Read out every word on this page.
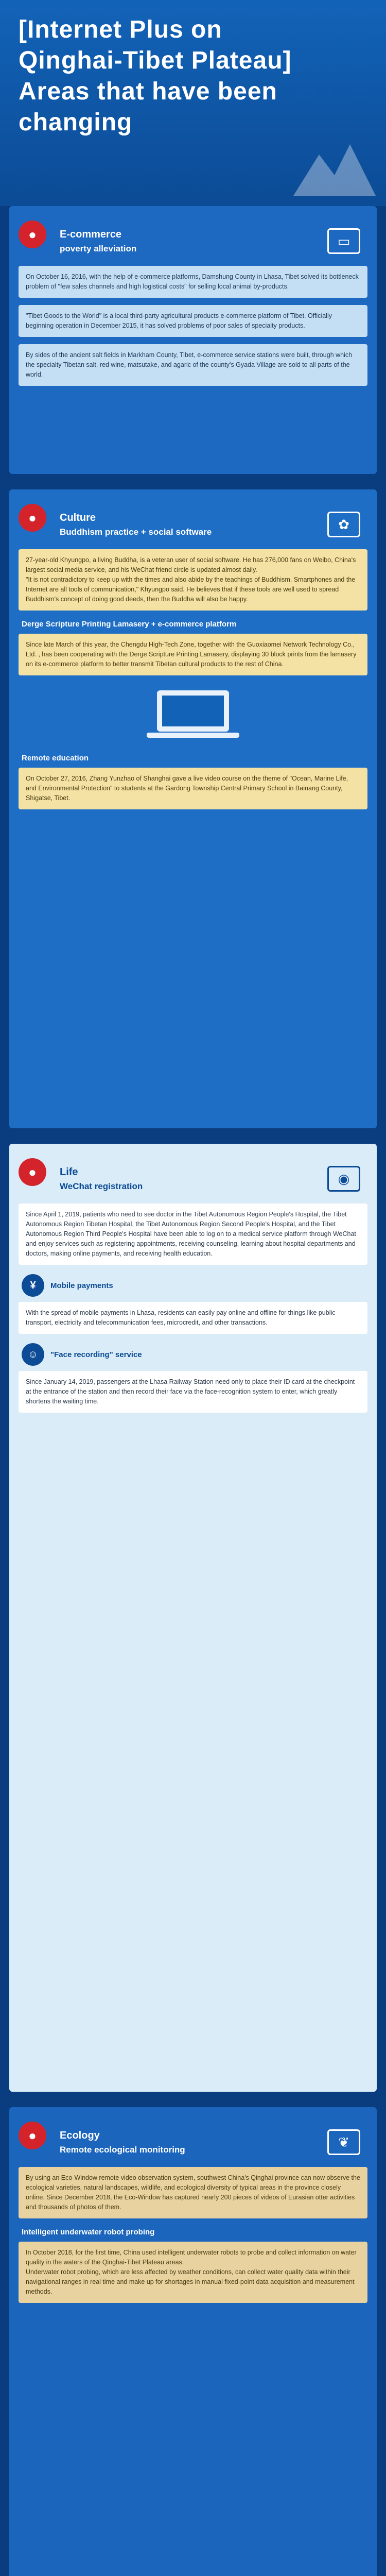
[Internet Plus on
Qinghai-Tibet Plateau]
Areas that have been
changing
●	E-commerce
poverty alleviation	▭
On October 16, 2016, with the help of e-commerce platforms, Damshung County in Lhasa, Tibet solved its bottleneck problem of "few sales channels and high logistical costs" for selling local animal by-products.
"Tibet Goods to the World" is a local third-party agricultural products e-commerce platform of Tibet. Officially beginning operation in December 2015, it has solved problems of poor sales of specialty products.
By sides of the ancient salt fields in Markham County, Tibet, e-commerce service stations were built, through which the specialty Tibetan salt, red wine, matsutake, and agaric of the county's Gyada Village are sold to all parts of the world.
●	Culture
Buddhism practice + social software	✿
27-year-old Khyungpo, a living Buddha, is a veteran user of social software. He has 276,000 fans on Weibo, China's largest social media service, and his WeChat friend circle is updated almost daily.
"It is not contradictory to keep up with the times and also abide by the teachings of Buddhism. Smartphones and the Internet are all tools of communication," Khyungpo said. He believes that if these tools are well used to spread Buddhism's concept of doing good deeds, then the Buddha will also be happy.
Derge Scripture Printing Lamasery + e-commerce platform
Since late March of this year, the Chengdu High-Tech Zone, together with the Guoxiaomei Network Technology Co., Ltd. , has been cooperating with the Derge Scripture Printing Lamasery, displaying 30 block prints from the lamasery on its e-commerce platform to better transmit Tibetan cultural products to the rest of China.
Remote education
On October 27, 2016, Zhang Yunzhao of Shanghai gave a live video course on the theme of "Ocean, Marine Life, and Environmental Protection" to students at the Gardong Township Central Primary School in Bainang County, Shigatse, Tibet.
●	Life
WeChat registration	◉
Since April 1, 2019, patients who need to see doctor in the Tibet Autonomous Region People's Hospital, the Tibet Autonomous Region Tibetan Hospital, the Tibet Autonomous Region Second People's Hospital, and the Tibet Autonomous Region Third People's Hospital have been able to log on to a medical service platform through WeChat and enjoy services such as registering appointments, receiving counseling, learning about hospital departments and doctors, making online payments, and receiving health education.
¥	Mobile payments
With the spread of mobile payments in Lhasa, residents can easily pay online and offline for things like public transport, electricity and telecommunication fees, microcredit, and other transactions.
☺	"Face recording" service
Since January 14, 2019, passengers at the Lhasa Railway Station need only to place their ID card at the checkpoint at the entrance of the station and then record their face via the face-recognition system to enter, which greatly shortens the waiting time.
●	Ecology
Remote ecological monitoring	❦
By using an Eco-Window remote video observation system, southwest China's Qinghai province can now observe the ecological varieties, natural landscapes, wildlife, and ecological diversity of typical areas in the province closely online. Since December 2018, the Eco-Window has captured nearly 200 pieces of videos of Eurasian otter activities and thousands of photos of them.
Intelligent underwater robot probing
In October 2018, for the first time, China used intelligent underwater robots to probe and collect information on water quality in the waters of the Qinghai-Tibet Plateau areas.
Underwater robot probing, which are less affected by weather conditions, can collect water quality data within their navigational ranges in real time and make up for shortages in manual fixed-point data acquisition and measurement methods.
